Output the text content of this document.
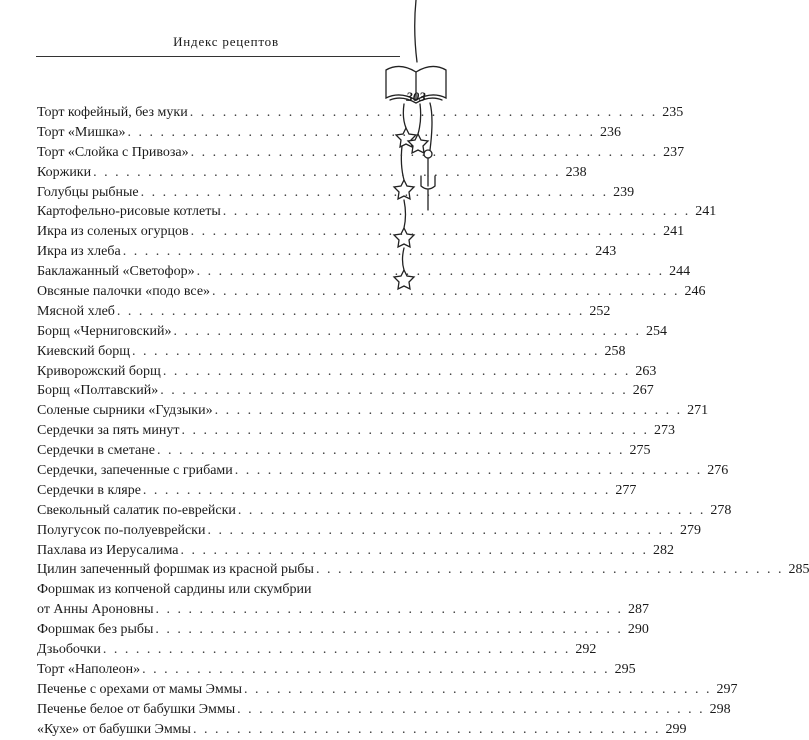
Индекс рецептов
303
Торт кофейный, без муки . . . . . . . . . . . . . . . . . . . . . . . . . . . . . . . . . . . . . . . . . . . 235
Торт «Мишка» . . . . . . . . . . . . . . . . . . . . . . . . . . . . . . . . . . . . . . . . . . . 236
Торт «Слойка с Привоза» . . . . . . . . . . . . . . . . . . . . . . . . . . . . . . . . . . . . . . . . . . . 237
Коржики . . . . . . . . . . . . . . . . . . . . . . . . . . . . . . . . . . . . . . . . . . . 238
Голубцы рыбные . . . . . . . . . . . . . . . . . . . . . . . . . . . . . . . . . . . . . . . . . . . 239
Картофельно-рисовые котлеты . . . . . . . . . . . . . . . . . . . . . . . . . . . . . . . . . . . . . . . . . . . 241
Икра из соленых огурцов . . . . . . . . . . . . . . . . . . . . . . . . . . . . . . . . . . . . . . . . . . . 241
Икра из хлеба . . . . . . . . . . . . . . . . . . . . . . . . . . . . . . . . . . . . . . . . . . . 243
Баклажанный «Светофор» . . . . . . . . . . . . . . . . . . . . . . . . . . . . . . . . . . . . . . . . . . . 244
Овсяные палочки «подо все» . . . . . . . . . . . . . . . . . . . . . . . . . . . . . . . . . . . . . . . . . . . 246
Мясной хлеб . . . . . . . . . . . . . . . . . . . . . . . . . . . . . . . . . . . . . . . . . . . 252
Борщ «Черниговский» . . . . . . . . . . . . . . . . . . . . . . . . . . . . . . . . . . . . . . . . . . . 254
Киевский борщ . . . . . . . . . . . . . . . . . . . . . . . . . . . . . . . . . . . . . . . . . . . 258
Криворожский борщ . . . . . . . . . . . . . . . . . . . . . . . . . . . . . . . . . . . . . . . . . . . 263
Борщ «Полтавский» . . . . . . . . . . . . . . . . . . . . . . . . . . . . . . . . . . . . . . . . . . . 267
Соленые сырники «Гудзыки» . . . . . . . . . . . . . . . . . . . . . . . . . . . . . . . . . . . . . . . . . . . 271
Сердечки за пять минут . . . . . . . . . . . . . . . . . . . . . . . . . . . . . . . . . . . . . . . . . . . 273
Сердечки в сметане . . . . . . . . . . . . . . . . . . . . . . . . . . . . . . . . . . . . . . . . . . . 275
Сердечки, запеченные с грибами . . . . . . . . . . . . . . . . . . . . . . . . . . . . . . . . . . . . . . . . . . . 276
Сердечки в кляре . . . . . . . . . . . . . . . . . . . . . . . . . . . . . . . . . . . . . . . . . . . 277
Свекольный салатик по-еврейски . . . . . . . . . . . . . . . . . . . . . . . . . . . . . . . . . . . . . . . . . . . 278
Полугусок по-полуеврейски . . . . . . . . . . . . . . . . . . . . . . . . . . . . . . . . . . . . . . . . . . . 279
Пахлава из Иерусалима . . . . . . . . . . . . . . . . . . . . . . . . . . . . . . . . . . . . . . . . . . . 282
Цилин запеченный форшмак из красной рыбы . . . . . . . . . . . . . . . . . . . . . . . . . . . . . . . . . . . . . . . . . . . 285
Форшмак из копченой сардины или скумбрии
от Анны Ароновны . . . . . . . . . . . . . . . . . . . . . . . . . . . . . . . . . . . . . . . . . . . 287
Форшмак без рыбы . . . . . . . . . . . . . . . . . . . . . . . . . . . . . . . . . . . . . . . . . . . 290
Дзьобочки . . . . . . . . . . . . . . . . . . . . . . . . . . . . . . . . . . . . . . . . . . . 292
Торт «Наполеон» . . . . . . . . . . . . . . . . . . . . . . . . . . . . . . . . . . . . . . . . . . . 295
Печенье с орехами от мамы Эммы . . . . . . . . . . . . . . . . . . . . . . . . . . . . . . . . . . . . . . . . . . . 297
Печенье белое от бабушки Эммы . . . . . . . . . . . . . . . . . . . . . . . . . . . . . . . . . . . . . . . . . . . 298
«Кухе» от бабушки Эммы . . . . . . . . . . . . . . . . . . . . . . . . . . . . . . . . . . . . . . . . . . . 299
